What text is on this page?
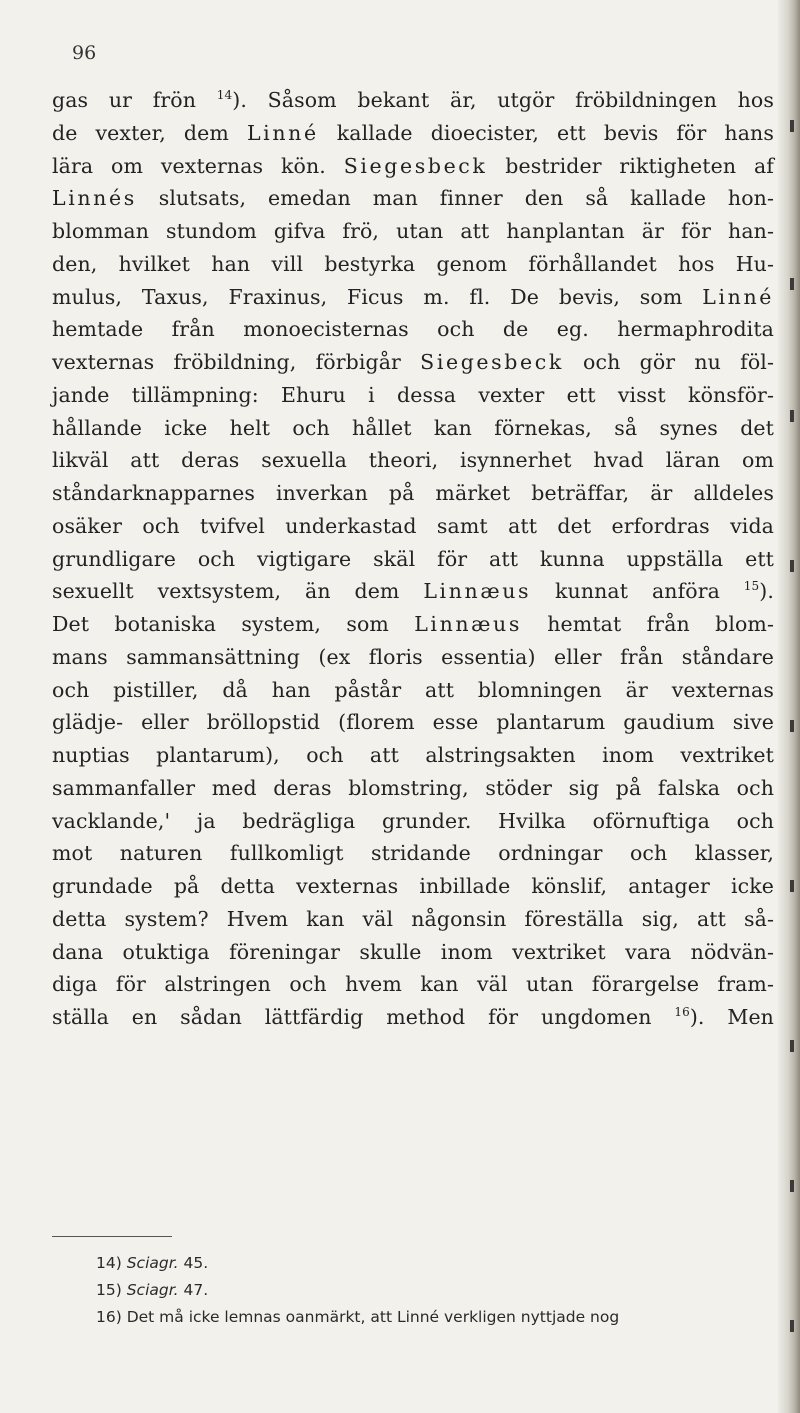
96
gas ur frön $^{14}$). Såsom bekant är, utgör fröbildningen hos
de vexter, dem Linné kallade dioecister, ett bevis för hans
lära om vexternas kön. Siegesbeck bestrider riktigheten af
Linnés slutsats, emedan man finner den så kallade hon-
blomman stundom gifva frö, utan att hanplantan är för han-
den, hvilket han vill bestyrka genom förhållandet hos Hu-
mulus, Taxus, Fraxinus, Ficus m. fl. De bevis, som Linné
hemtade från monoecisternas och de eg. hermaphrodita
vexternas fröbildning, förbigår Siegesbeck och gör nu föl-
jande tillämpning: Ehuru i dessa vexter ett visst könsför-
hållande icke helt och hållet kan förnekas, så synes det
likväl att deras sexuella theori, isynnerhet hvad läran om
ståndarknapparnes inverkan på märket beträffar, är alldeles
osäker och tvifvel underkastad samt att det erfordras vida
grundligare och vigtigare skäl för att kunna uppställa ett
sexuellt vextsystem, än dem Linnæus kunnat anföra $^{15}$).
Det botaniska system, som Linnæus hemtat från blom-
mans sammansättning (ex floris essentia) eller från ståndare
och pistiller, då han påstår att blomningen är vexternas
glädje- eller bröllopstid (florem esse plantarum gaudium sive
nuptias plantarum), och att alstringsakten inom vextriket
sammanfaller med deras blomstring, stöder sig på falska och
vacklande,' ja bedrägliga grunder. Hvilka oförnuftiga och
mot naturen fullkomligt stridande ordningar och klasser,
grundade på detta vexternas inbillade könslif, antager icke
detta system? Hvem kan väl någonsin föreställa sig, att så-
dana otuktiga föreningar skulle inom vextriket vara nödvän-
diga för alstringen och hvem kan väl utan förargelse fram-
ställa en sådan lättfärdig method för ungdomen $^{16}$). Men
14) Sciagr. 45.
15) Sciagr. 47.
16) Det må icke lemnas oanmärkt, att Linné verkligen nyttjade nog
